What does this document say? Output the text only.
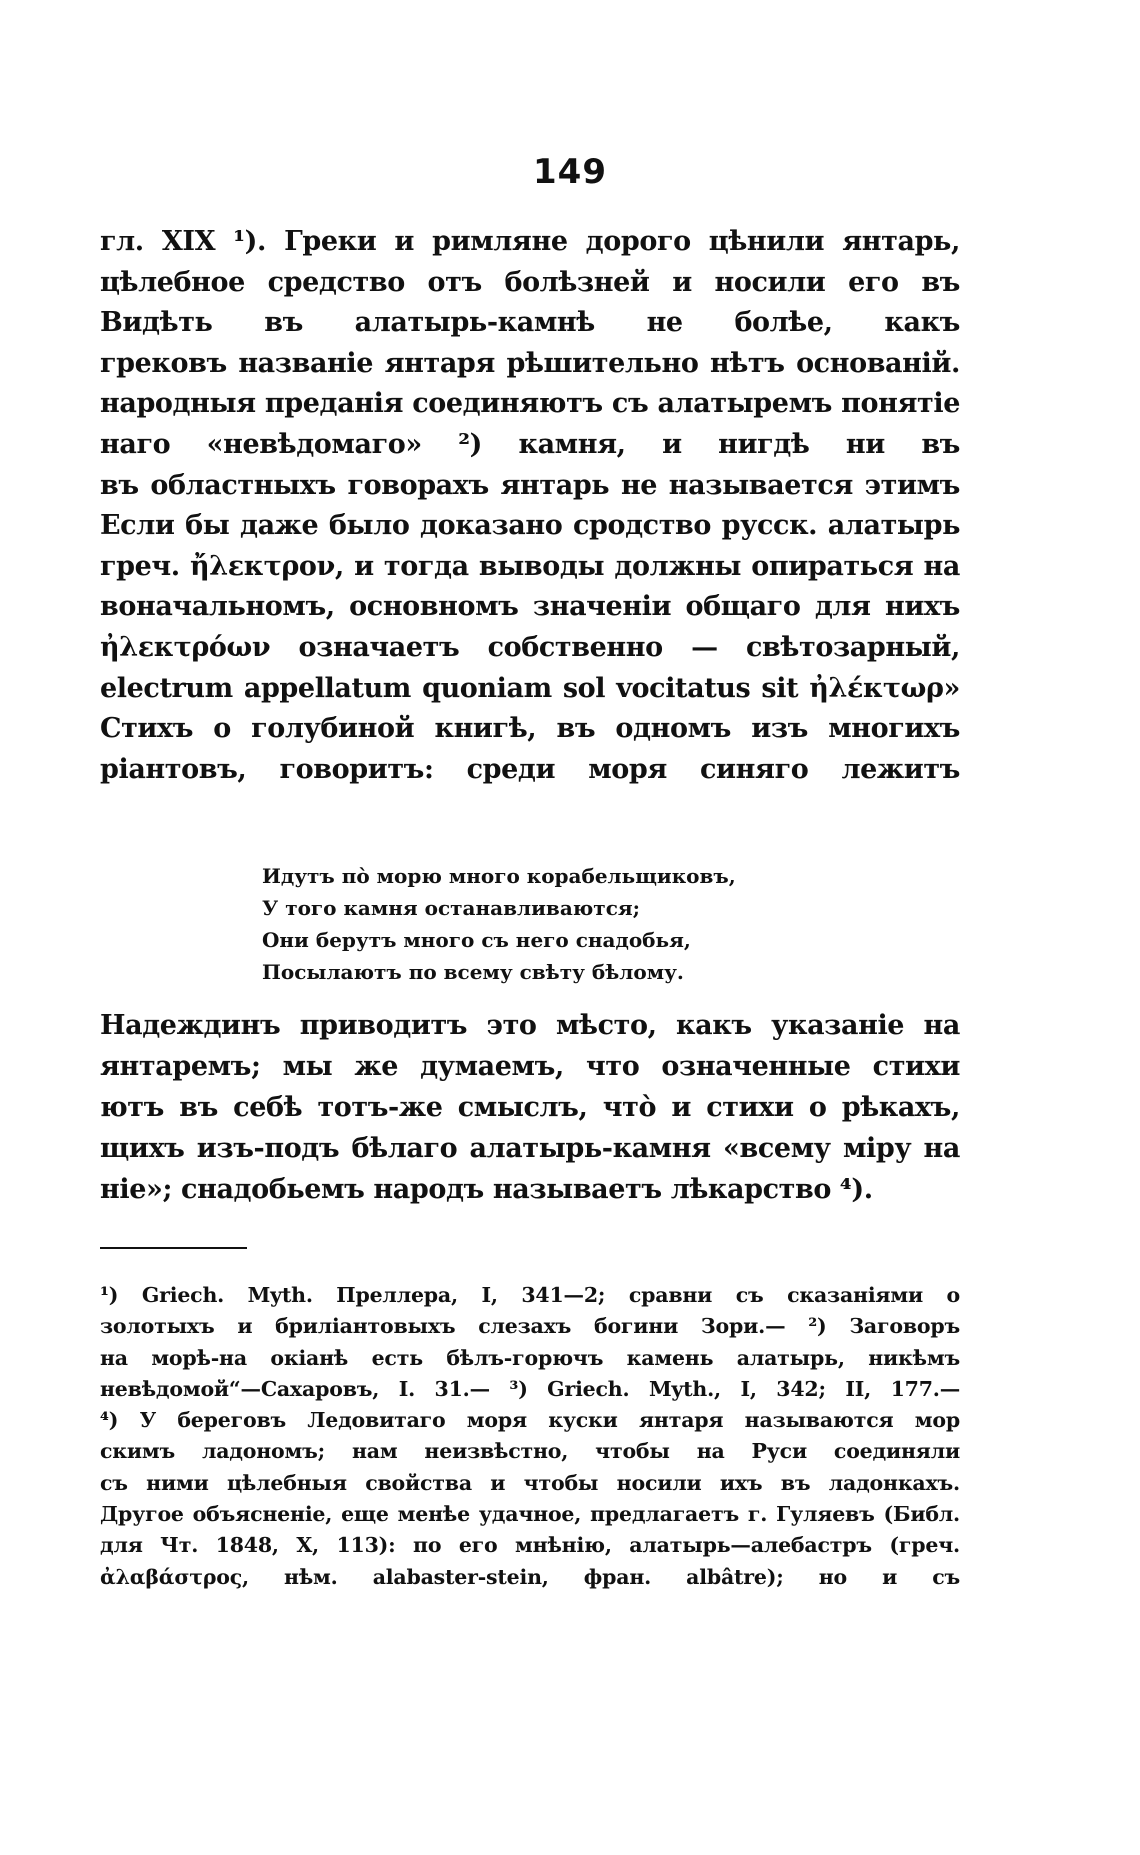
149
гл. XIX ¹). Греки и римляне дорого цѣнили янтарь,
цѣлебное средство отъ болѣзней и носили его въ
Видѣть въ алатырь-камнѣ не болѣе, какъ
грековъ названіе янтаря рѣшительно нѣтъ основаній.
народныя преданія соединяютъ съ алатыремъ понятіе
наго «невѣдомаго» ²) камня, и нигдѣ ни въ
въ областныхъ говорахъ янтарь не называется этимъ
Если бы даже было доказано сродство русск. алатырь
греч. ἤλεκτρον, и тогда выводы должны опираться на
воначальномъ, основномъ значеніи общаго для нихъ
ἠλεκτρόων означаетъ собственно — свѣтозарный,
electrum appellatum quoniam sol vocitatus sit ἠλέκτωρ»
Стихъ о голубиной книгѣ, въ одномъ изъ многихъ
ріантовъ, говоритъ: среди моря синяго лежитъ
Идутъ пò морю много корабельщиковъ,
У того камня останавливаются;
Они берутъ много съ него снадобья,
Посылаютъ по всему свѣту бѣлому.
Надеждинъ приводитъ это мѣсто, какъ указаніе на
янтаремъ; мы же думаемъ, что означенные стихи
ютъ въ себѣ тотъ-же смыслъ, чтò и стихи о рѣкахъ,
щихъ изъ-подъ бѣлаго алатырь-камня «всему міру на
ніе»; снадобьемъ народъ называетъ лѣкарство ⁴).
¹) Griech. Myth. Преллера, I, 341—2; сравни съ сказаніями о
золотыхъ и бриліантовыхъ слезахъ богини Зори.— ²) Заговоръ
на морѣ-на окіанѣ есть бѣлъ-горючъ камень алатырь, никѣмъ
невѣдомой“—Сахаровъ, I. 31.— ³) Griech. Myth., I, 342; II, 177.—
⁴) У береговъ Ледовитаго моря куски янтаря называются мор
скимъ ладономъ; нам неизвѣстно, чтобы на Руси соединяли
съ ними цѣлебныя свойства и чтобы носили ихъ въ ладонкахъ.
Другое объясненіе, еще менѣе удачное, предлагаетъ г. Гуляевъ (Библ.
для Чт. 1848, X, 113): по его мнѣнію, алатырь—алебастръ (греч.
ἀλαβάστρος, нѣм. alabaster-stein, фран. albâtre); но и съ
